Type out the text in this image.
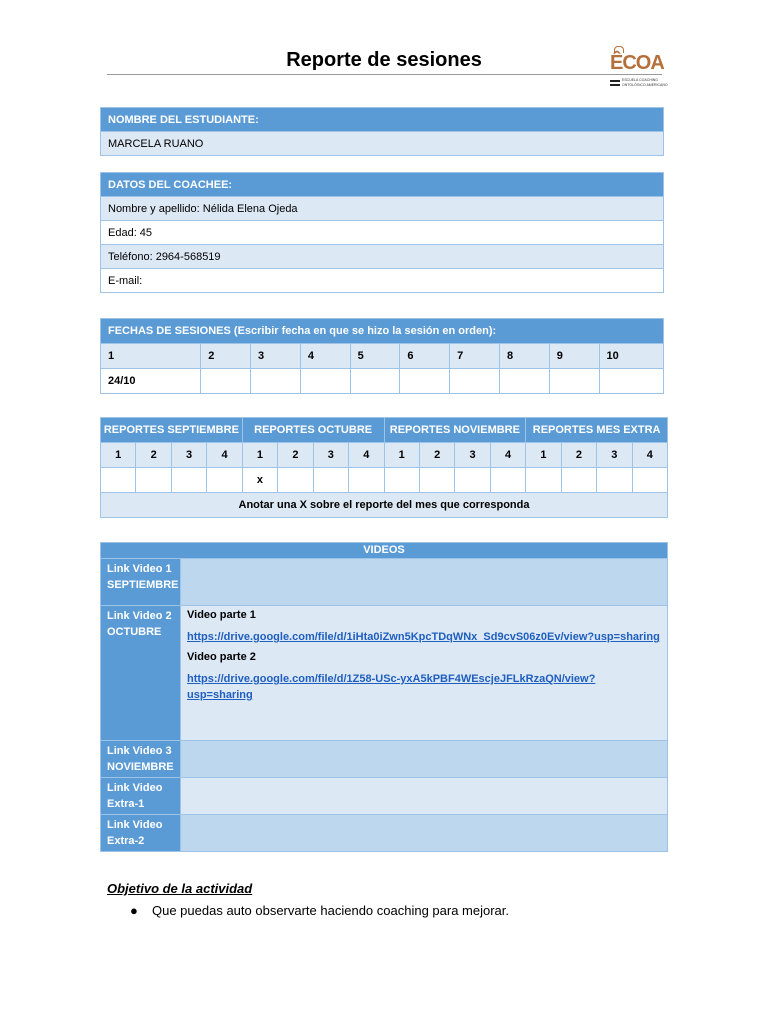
Reporte de sesiones	ÊCOA
ESCUELA COACHING
ONTOLÓGICO AMERICANO
NOMBRE DEL ESTUDIANTE:
MARCELA RUANO
DATOS DEL COACHEE:
Nombre y apellido: Nélida Elena Ojeda
Edad: 45
Teléfono: 2964-568519
E-mail:
FECHAS DE SESIONES (Escribir fecha en que se hizo la sesión en orden):									
1	2	3	4	5	6	7	8	9	10
24/10									
REPORTES SEPTIEMBRE				REPORTES OCTUBRE				REPORTES NOVIEMBRE				REPORTES MES EXTRA			
1	2	3	4	1	2	3	4	1	2	3	4	1	2	3	4
				x											
Anotar una X sobre el reporte del mes que corresponda															
VIDEOS	
Link Video 1 SEPTIEMBRE	
Link Video 2 OCTUBRE	Video parte 1
https://drive.google.com/file/d/1iHta0iZwn5KpcTDqWNx_Sd9cvS06z0Ev/view?usp=sharing
Video parte 2
https://drive.google.com/file/d/1Z58-USc-yxA5kPBF4WEscjeJFLkRzaQN/view?usp=sharing

Link Video 3 NOVIEMBRE	
Link Video Extra-1	
Link Video Extra-2	
Objetivo de la actividad
● Que puedas auto observarte haciendo coaching para mejorar.
